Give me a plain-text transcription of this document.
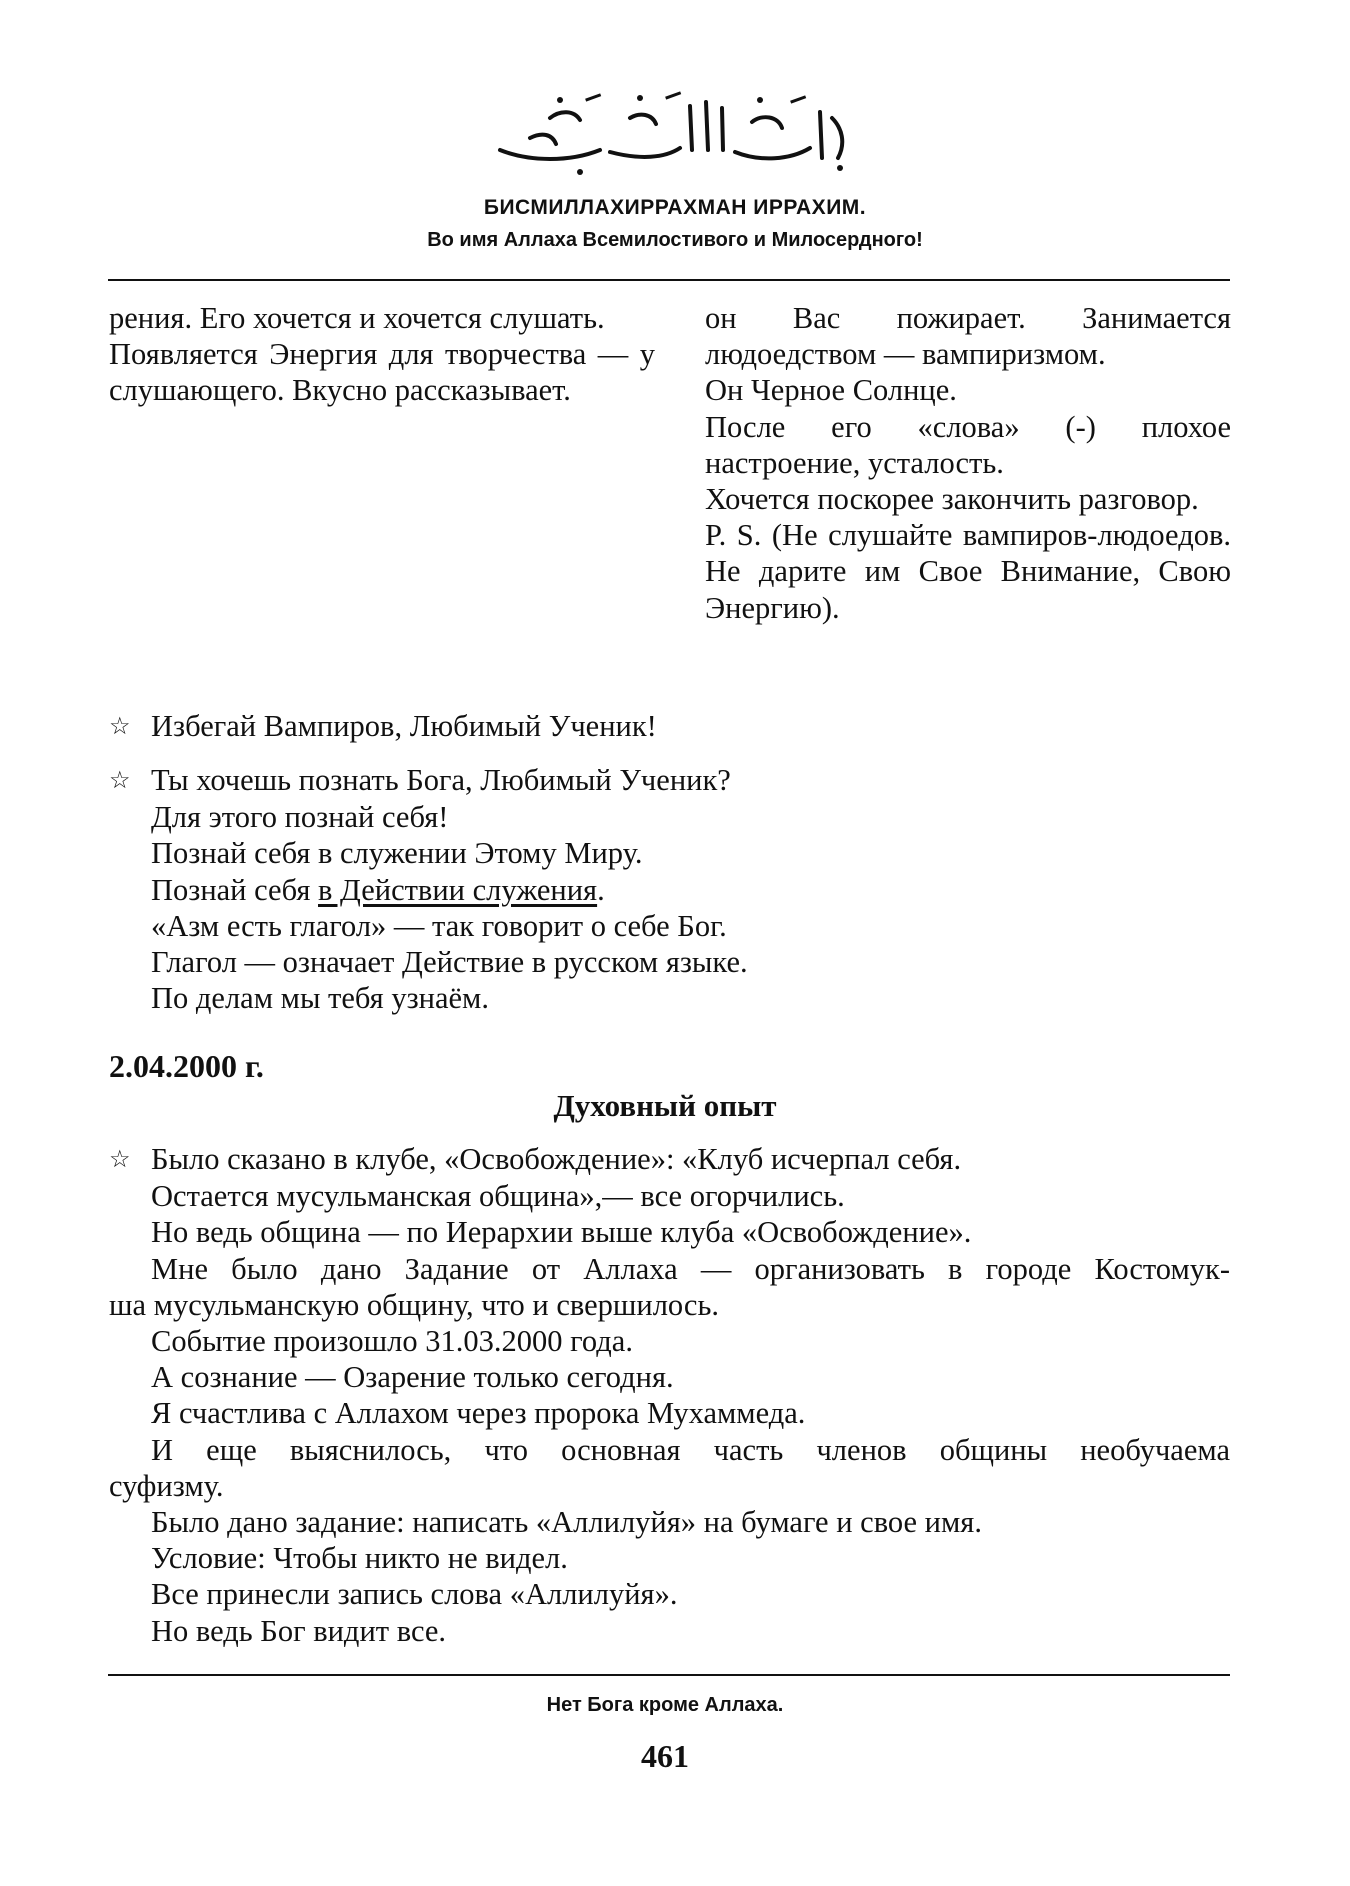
БИСМИЛЛАХИРРАХМАН ИРРАХИМ.
Во имя Аллаха Всемилостивого и Милосердного!

рения. Его хочется и хочется слушать.

Появляется Энергия для творчества — у слушающего. Вкусно рассказывает.

он Вас пожирает. Занимается людоедством — вампиризмом.

Он Черное Солнце.

После его «слова» (-) плохое настроение, усталость.

Хочется поскорее закончить разговор.

P. S. (Не слушайте вампиров-людоедов. Не дарите им Свое Внимание, Свою Энергию).

☆ Избегай Вампиров, Любимый Ученик!

☆ Ты хочешь познать Бога, Любимый Ученик?

Для этого познай себя!

Познай себя в служении Этому Миру.

Познай себя в Действии служения.

«Азм есть глагол» — так говорит о себе Бог.

Глагол — означает Действие в русском языке.

По делам мы тебя узнаём.

2.04.2000 г.
Духовный опыт

☆ Было сказано в клубе, «Освобождение»: «Клуб исчерпал себя.

Остается мусульманская община»,— все огорчились.

Но ведь община — по Иерархии выше клуба «Освобождение».

Мне было дано Задание от Аллаха — организовать в городе Костомук-

ша мусульманскую общину, что и свершилось.

Событие произошло 31.03.2000 года.

А сознание — Озарение только сегодня.

Я счастлива с Аллахом через пророка Мухаммеда.

И еще выяснилось, что основная часть членов общины необучаема

суфизму.

Было дано задание: написать «Аллилуйя» на бумаге и свое имя.

Условие: Чтобы никто не видел.

Все принесли запись слова «Аллилуйя».

Но ведь Бог видит все.

Нет Бога кроме Аллаха.
461
